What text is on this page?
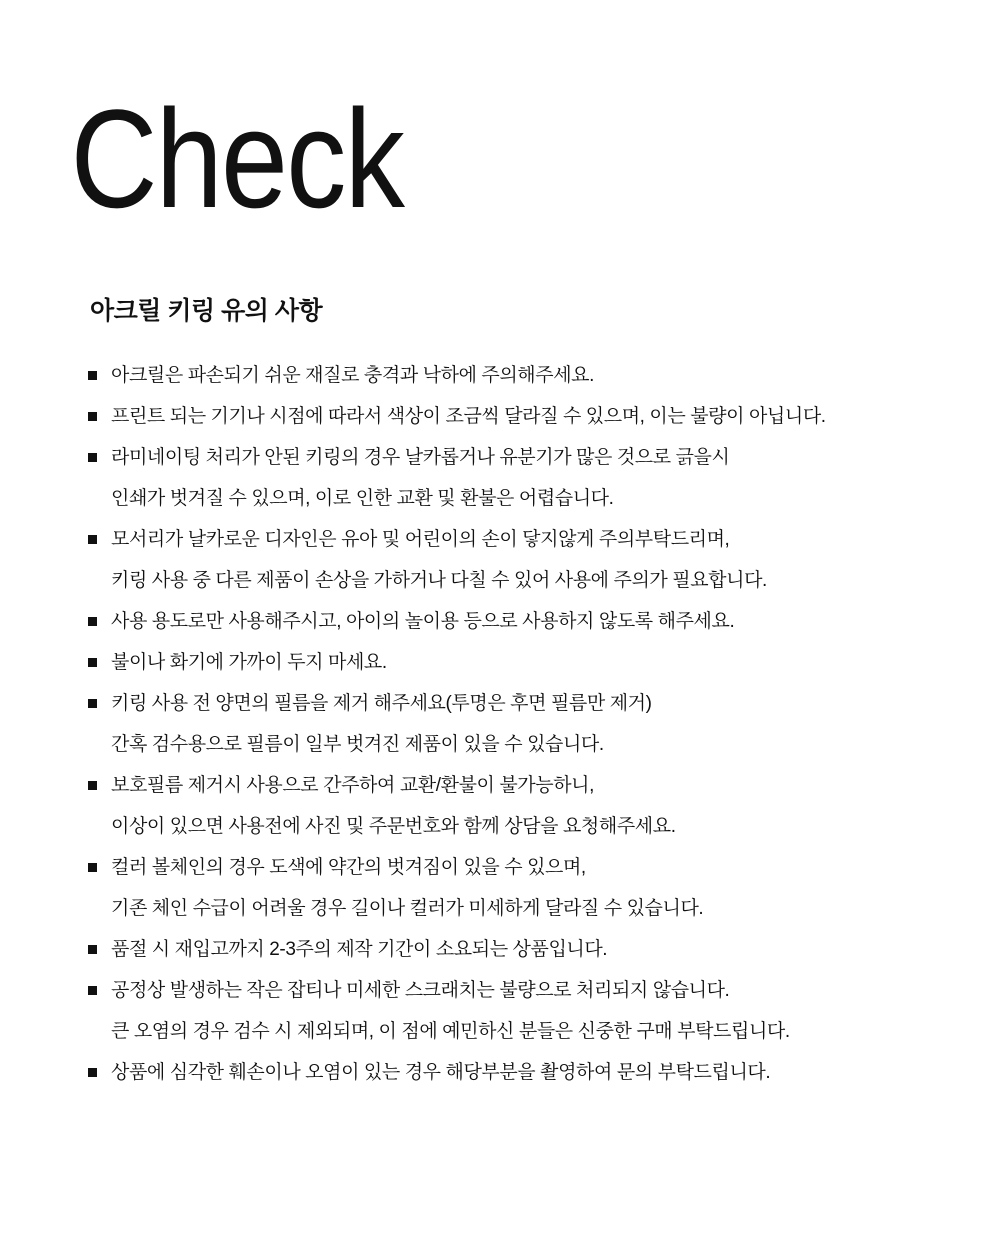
Check
아크릴 키링 유의 사항
아크릴은 파손되기 쉬운 재질로 충격과 낙하에 주의해주세요.
프린트 되는 기기나 시점에 따라서 색상이 조금씩 달라질 수 있으며, 이는 불량이 아닙니다.
라미네이팅 처리가 안된 키링의 경우 날카롭거나 유분기가 많은 것으로 긁을시
인쇄가 벗겨질 수 있으며, 이로 인한 교환 및 환불은 어렵습니다.
모서리가 날카로운 디자인은 유아 및 어린이의 손이 닿지않게 주의부탁드리며,
키링 사용 중 다른 제품이 손상을 가하거나 다칠 수 있어 사용에 주의가 필요합니다.
사용 용도로만 사용해주시고, 아이의 놀이용 등으로 사용하지 않도록 해주세요.
불이나 화기에 가까이 두지 마세요.
키링 사용 전 양면의 필름을 제거 해주세요(투명은 후면 필름만 제거)
간혹 검수용으로 필름이 일부 벗겨진 제품이 있을 수 있습니다.
보호필름 제거시 사용으로 간주하여 교환/환불이 불가능하니,
이상이 있으면 사용전에 사진 및 주문번호와 함께 상담을 요청해주세요.
컬러 볼체인의 경우 도색에 약간의 벗겨짐이 있을 수 있으며,
기존 체인 수급이 어려울 경우 길이나 컬러가 미세하게 달라질 수 있습니다.
품절 시 재입고까지 2-3주의 제작 기간이 소요되는 상품입니다.
공정상 발생하는 작은 잡티나 미세한 스크래치는 불량으로 처리되지 않습니다.
큰 오염의 경우 검수 시 제외되며, 이 점에 예민하신 분들은 신중한 구매 부탁드립니다.
상품에 심각한 훼손이나 오염이 있는 경우 해당부분을 촬영하여 문의 부탁드립니다.
